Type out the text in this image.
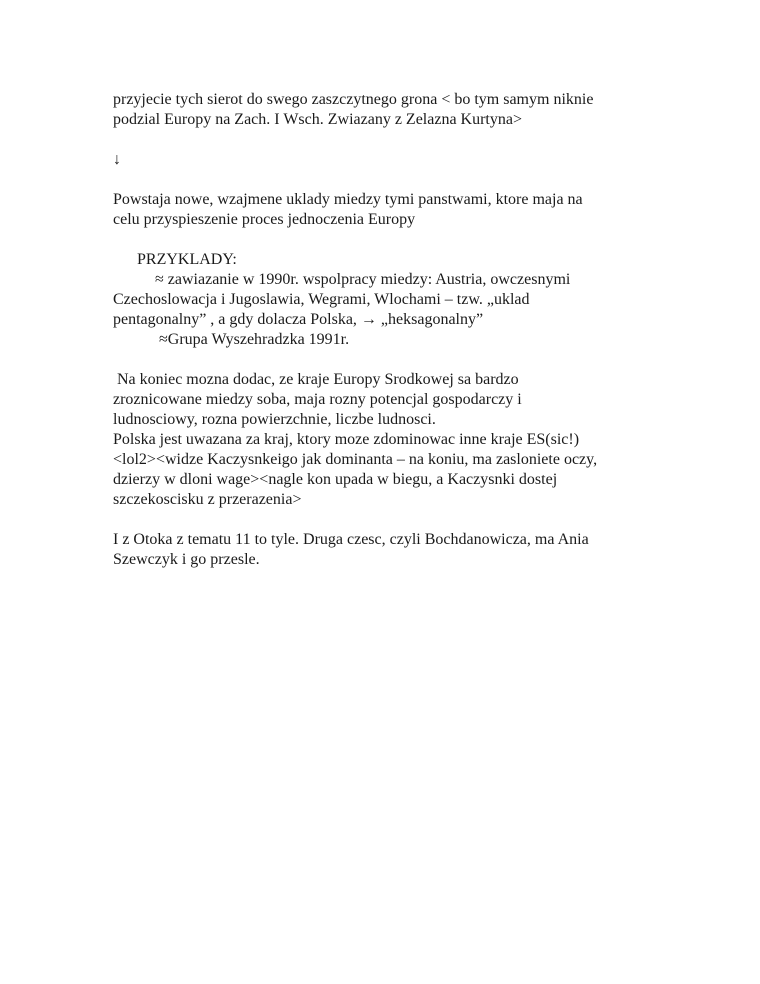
przyjecie tych sierot do swego zaszczytnego grona < bo tym samym niknie
podzial Europy na Zach. I Wsch. Zwiazany z Zelazna Kurtyna>
↓
Powstaja nowe, wzajmene uklady miedzy tymi panstwami, ktore maja na
celu przyspieszenie proces jednoczenia Europy
PRZYKLADY:
≈ zawiazanie w 1990r. wspolpracy miedzy: Austria, owczesnymi
Czechoslowacja i Jugoslawia, Wegrami, Wlochami – tzw. „uklad
pentagonalny” , a gdy dolacza Polska, → „heksagonalny”
≈Grupa Wyszehradzka 1991r.
Na koniec mozna dodac, ze kraje Europy Srodkowej sa bardzo
zroznicowane miedzy soba, maja rozny potencjal gospodarczy i
ludnosciowy, rozna powierzchnie, liczbe ludnosci.
Polska jest uwazana za kraj, ktory moze zdominowac inne kraje ES(sic!)
<lol2><widze Kaczysnkeigo jak dominanta – na koniu, ma zasloniete oczy,
dzierzy w dloni wage><nagle kon upada w biegu, a Kaczysnki dostej
szczekoscisku z przerazenia>
I z Otoka z tematu 11 to tyle. Druga czesc, czyli Bochdanowicza, ma Ania
Szewczyk i go przesle.
